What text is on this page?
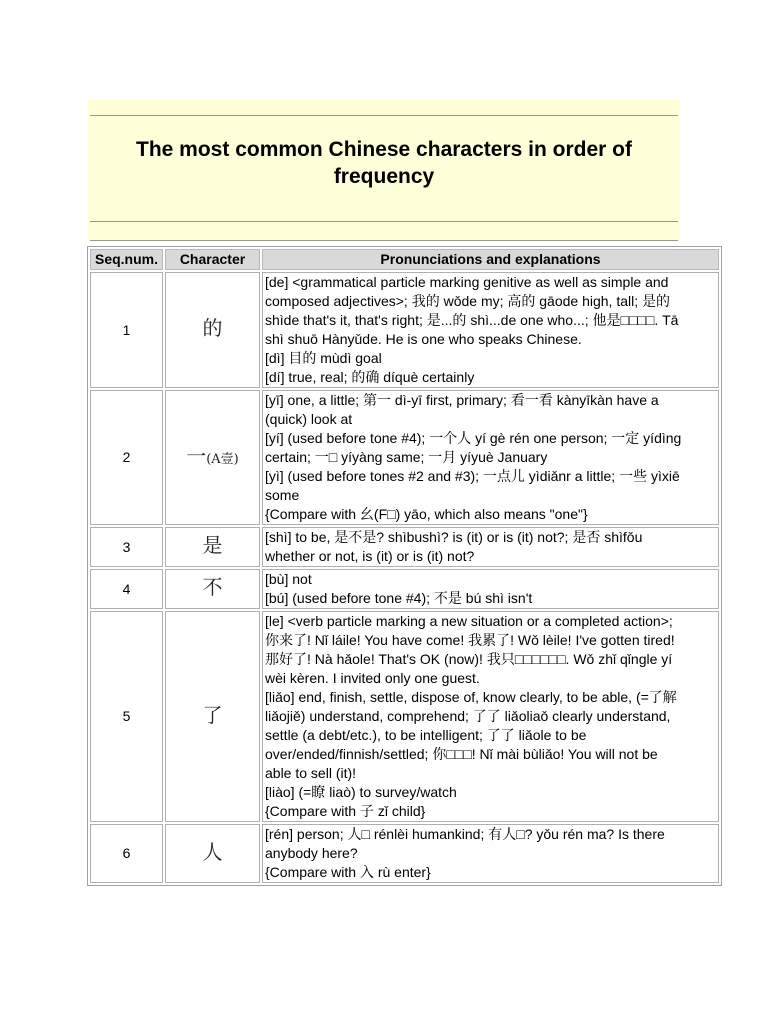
The most common Chinese characters in order of frequency
Seq.num.	Character	Pronunciations and explanations
1	的	
[de] <grammatical particle marking genitive as well as simple and
composed adjectives>; 我的 wǒde my; 高的 gāode high, tall; 是的
shìde that's it, that's right; 是...的 shì...de one who...; 他是□□□□. Tā
shì shuō Hànyǔde. He is one who speaks Chinese.
[dì] 目的 mùdì goal
[dí] true, real; 的确 díquè certainly

2	一(A壹)	
[yī] one, a little; 第一 dì-yī first, primary; 看一看 kànyīkàn have a
(quick) look at
[yí] (used before tone #4); 一个人 yí gè rén one person; 一定 yídìng
certain; 一□ yíyàng same; 一月 yíyuè January
[yì] (used before tones #2 and #3); 一点儿 yìdiǎnr a little; 一些 yìxiē
some
{Compare with 幺(F□) yāo, which also means "one"}

3	是	[shì] to be, 是不是? shìbushì? is (it) or is (it) not?; 是否 shìfǒu
whether or not, is (it) or is (it) not?

4	不	[bù] not
[bú] (used before tone #4); 不是 bú shì isn't

5	了	
[le] <verb particle marking a new situation or a completed action>;
你来了! Nǐ láile! You have come! 我累了! Wǒ lèile! I've gotten tired!
那好了! Nà hǎole! That's OK (now)! 我只□□□□□□. Wǒ zhǐ qǐngle yí
wèi kèren. I invited only one guest.
[liǎo] end, finish, settle, dispose of, know clearly, to be able, (=了解
liǎojiě) understand, comprehend; 了了 liǎoliaǒ clearly understand,
settle (a debt/etc.), to be intelligent; 了了 liǎole to be
over/ended/finnish/settled; 你□□□! Nǐ mài bùliǎo! You will not be
able to sell (it)!
[liào] (=瞭 liaò) to survey/watch
{Compare with 子 zǐ child}

6	人	[rén] person; 人□ rénlèi humankind; 有人□? yǒu rén ma? Is there
anybody here?
{Compare with 入 rù enter}
